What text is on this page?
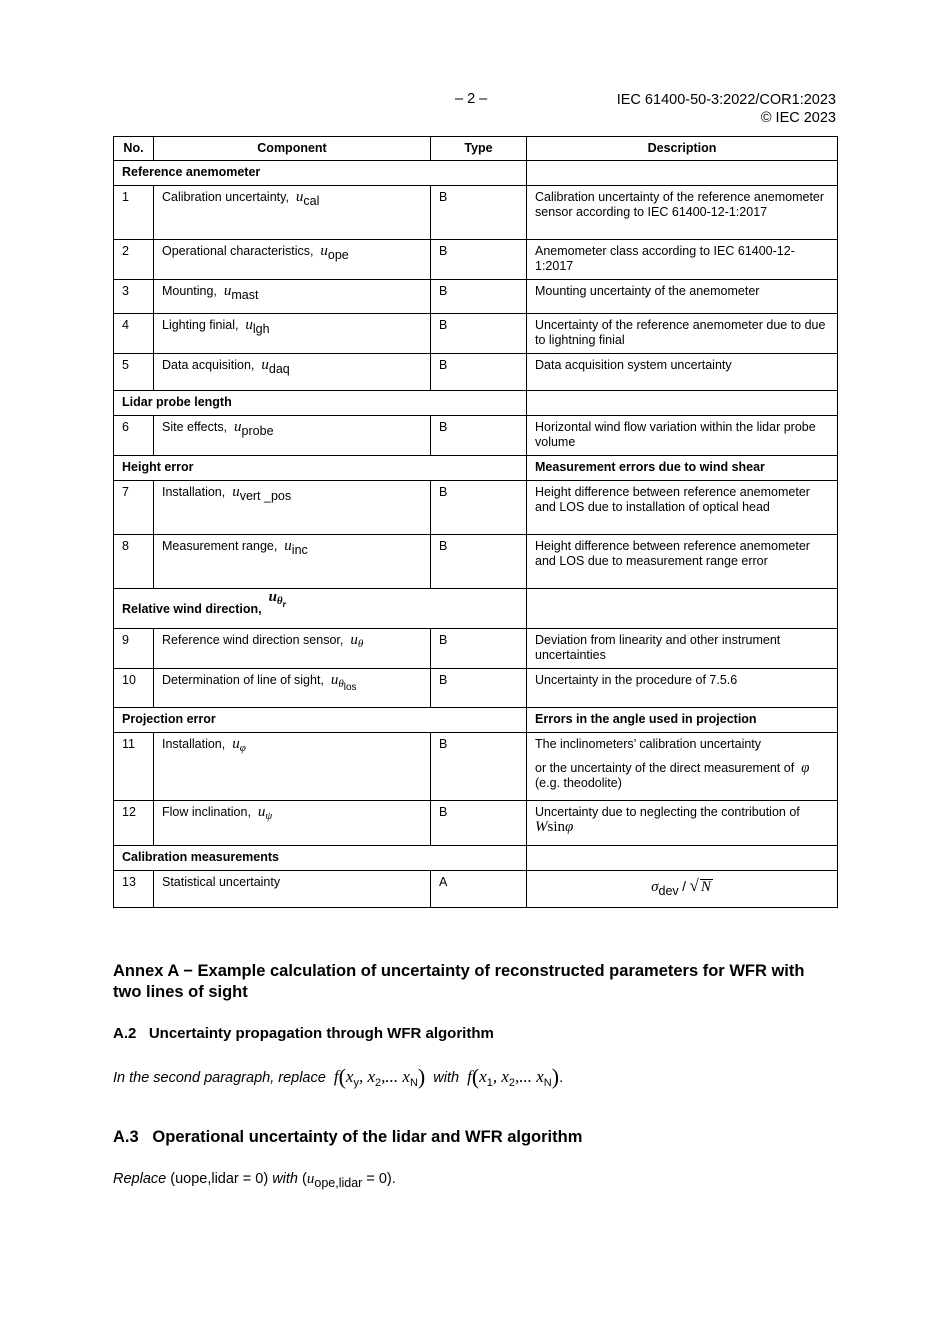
– 2 –	IEC 61400-50-3:2022/COR1:2023
© IEC 2023
No.	Component	Type	Description
Reference anemometer			
1	Calibration uncertainty, ucal	B	Calibration uncertainty of the reference anemometer sensor according to IEC 61400-12-1:2017
2	Operational characteristics, uope	B	Anemometer class according to IEC 61400-12-1:2017
3	Mounting, umast	B	Mounting uncertainty of the anemometer
4	Lighting finial, ulgh	B	Uncertainty of the reference anemometer due to due to lightning finial
5	Data acquisition, udaq	B	Data acquisition system uncertainty
Lidar probe length			
6	Site effects, uprobe	B	Horizontal wind flow variation within the lidar probe volume
Height error			Measurement errors due to wind shear
7	Installation, uvert _pos	B	Height difference between reference anemometer and LOS due to installation of optical head
8	Measurement range, uinc	B	Height difference between reference anemometer and LOS due to measurement range error
Relative wind direction,  $u\theta_r$	
9	Reference wind direction sensor, uθ	B	Deviation from linearity and other instrument uncertainties
10	Determination of line of sight, $u\theta_{los}$	B	Uncertainty in the procedure of 7.5.6
Projection error			Errors in the angle used in projection
11	Installation, uφ	B	The inclinometers’ calibration uncertainty
or the uncertainty of the direct measurement of φ  (e.g. theodolite)

12	Flow inclination, uψ	B	Uncertainty due to neglecting the contribution of Wsinφ
Calibration measurements			
13	Statistical uncertainty	A	σdev / √ N
Annex A − Example calculation of uncertainty of reconstructed parameters for WFR with two lines of sight
A.2   Uncertainty propagation through WFR algorithm
In the second paragraph, replace $f(x_y$, $x_2$,... $x_N$) with $f(x_1$, $x_2$,... $x_N$).
A.3   Operational uncertainty of the lidar and WFR algorithm
Replace (uope,lidar = 0) with (uope,lidar = 0).
